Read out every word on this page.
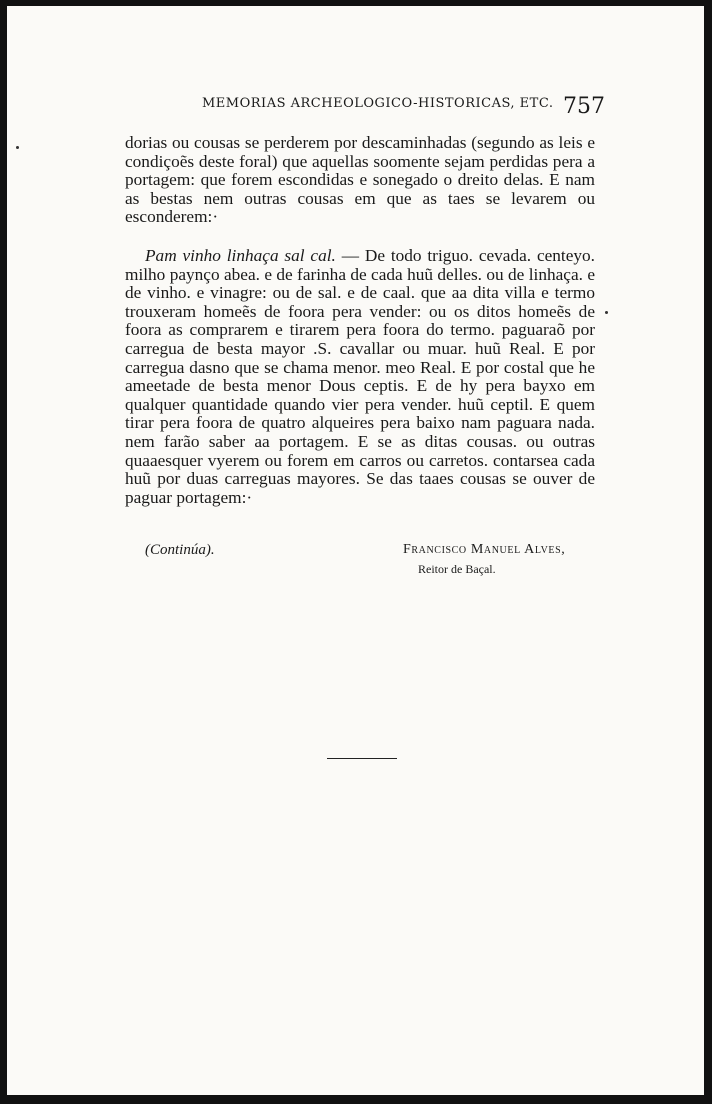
MEMORIAS ARCHEOLOGICO-HISTORICAS, ETC. 757

dorias ou cousas se perderem por descaminhadas (segundo as leis e condiçoẽs deste foral) que aquellas soomente sejam perdidas pera a portagem: que forem escondidas e sonegado o dreito delas. E nam as bestas nem outras cousas em que as taes se levarem ou esconderem:·

Pam vinho linhaça sal cal. — De todo triguo. cevada. centeyo. milho paynço abea. e de farinha de cada huũ delles. ou de linhaça. e de vinho. e vinagre: ou de sal. e de caal. que aa dita villa e termo trouxeram homeẽs de foora pera vender: ou os ditos homeẽs de foora as comprarem e tirarem pera foora do termo. paguaraõ por carregua de besta mayor .S. cavallar ou muar. huũ Real. E por carregua dasno que se chama menor. meo Real. E por costal que he ameetade de besta menor Dous ceptis. E de hy pera bayxo em qualquer quantidade quando vier pera vender. huũ ceptil. E quem tirar pera foora de quatro alqueires pera baixo nam paguara nada. nem farão saber aa portagem. E se as ditas cousas. ou outras quaaesquer vyerem ou forem em carros ou carretos. contarsea cada huũ por duas carreguas mayores. Se das taaes cousas se ouver de paguar portagem:·

(Continúa).	Francisco Manuel Alves,
Reitor de Baçal.
